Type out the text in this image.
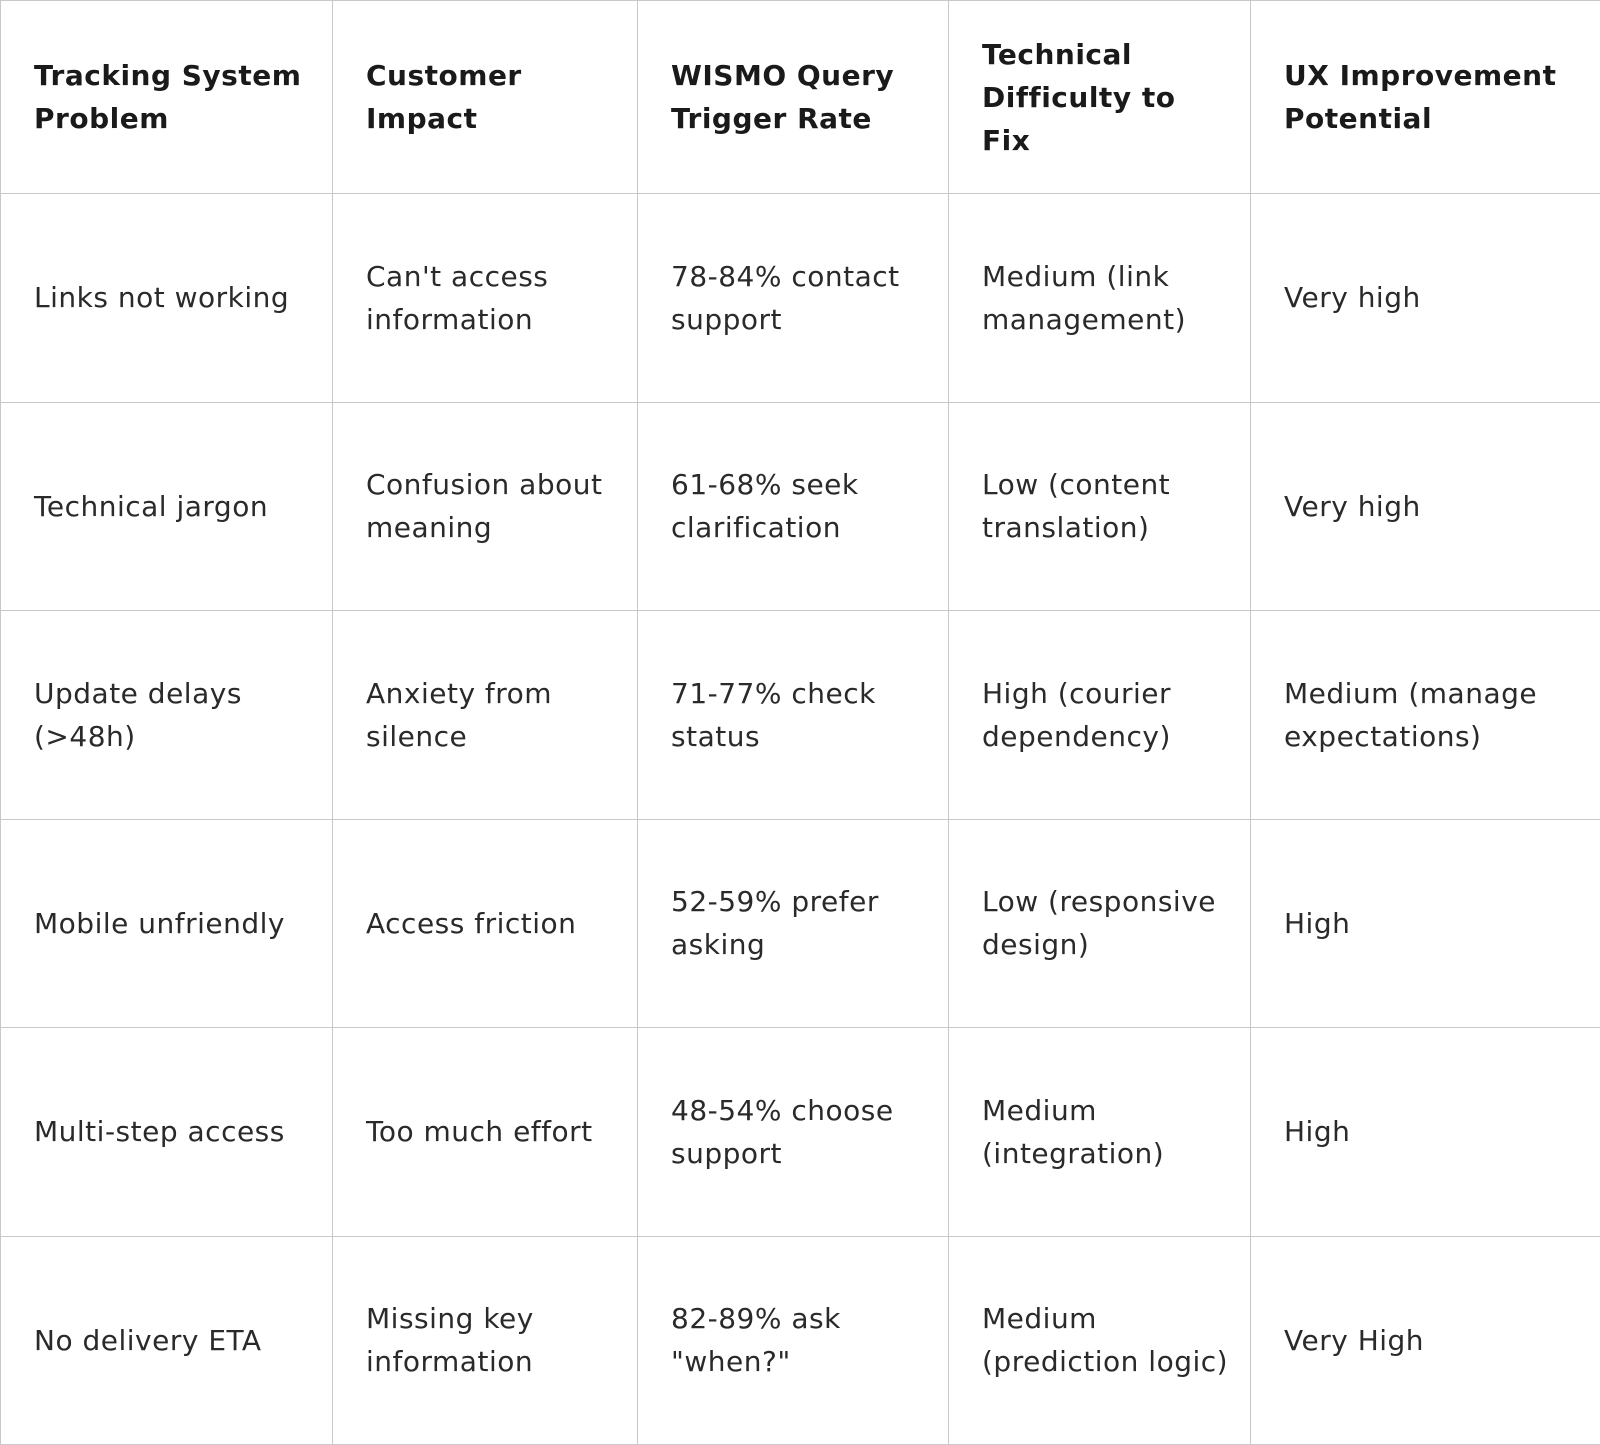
Tracking System Problem	Customer Impact	WISMO Query Trigger Rate	Technical Difficulty to Fix	UX Improvement Potential
Links not working	Can't access information	78-84% contact support	Medium (link management)	Very high
Technical jargon	Confusion about meaning	61-68% seek clarification	Low (content translation)	Very high
Update delays (>48h)	Anxiety from silence	71-77% check status	High (courier dependency)	Medium (manage expectations)
Mobile unfriendly	Access friction	52-59% prefer asking	Low (responsive design)	High
Multi-step access	Too much effort	48-54% choose support	Medium (integration)	High
No delivery ETA	Missing key information	82-89% ask "when?"	Medium (prediction logic)	Very High
